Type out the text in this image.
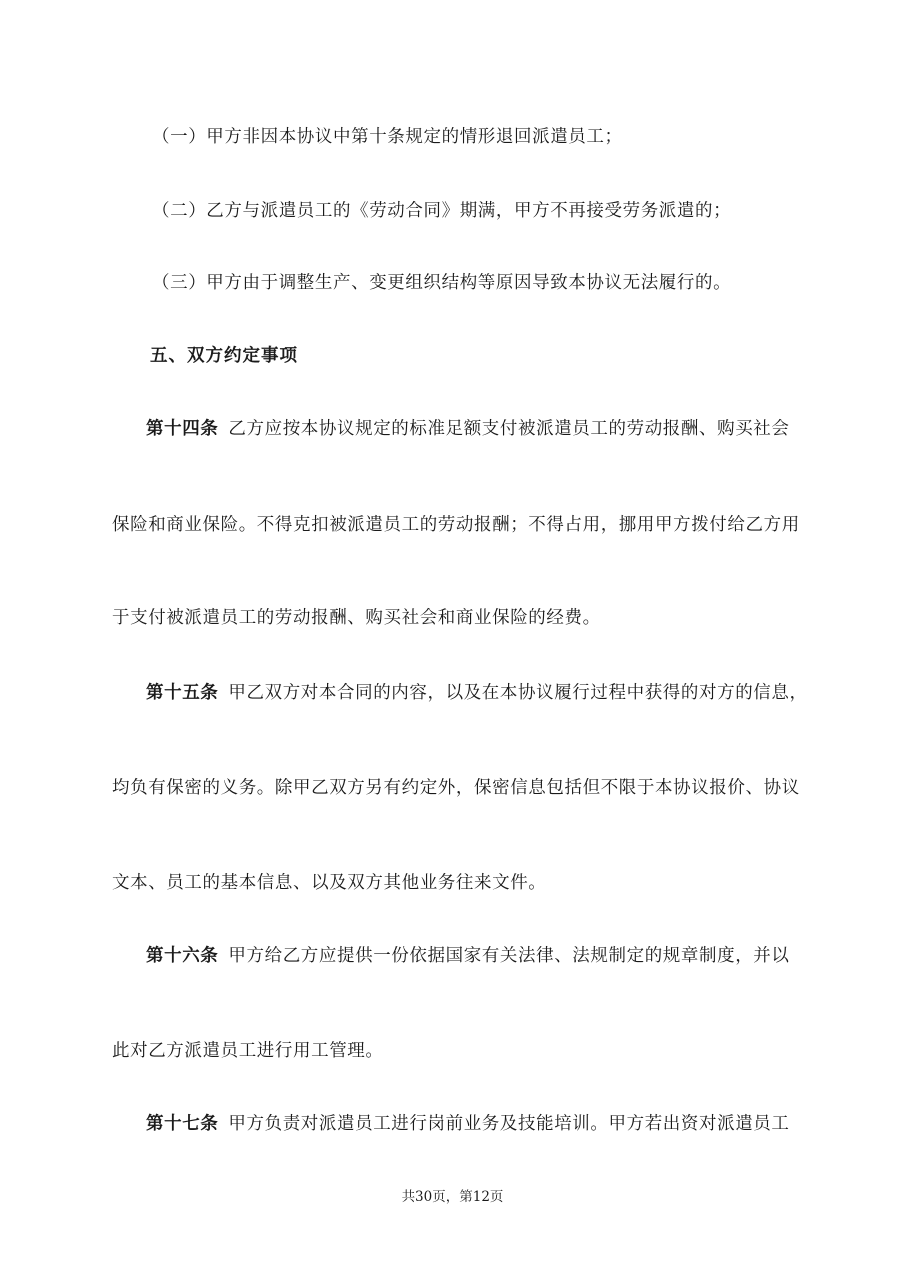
（一）甲方非因本协议中第十条规定的情形退回派遣员工；
（二）乙方与派遣员工的《劳动合同》期满，甲方不再接受劳务派遣的；
（三）甲方由于调整生产、变更组织结构等原因导致本协议无法履行的。
五、双方约定事项
第十四条 乙方应按本协议规定的标准足额支付被派遣员工的劳动报酬、购买社会
保险和商业保险。不得克扣被派遣员工的劳动报酬；不得占用，挪用甲方拨付给乙方用
于支付被派遣员工的劳动报酬、购买社会和商业保险的经费。
第十五条 甲乙双方对本合同的内容，以及在本协议履行过程中获得的对方的信息，
均负有保密的义务。除甲乙双方另有约定外，保密信息包括但不限于本协议报价、协议
文本、员工的基本信息、以及双方其他业务往来文件。
第十六条 甲方给乙方应提供一份依据国家有关法律、法规制定的规章制度，并以
此对乙方派遣员工进行用工管理。
第十七条 甲方负责对派遣员工进行岗前业务及技能培训。甲方若出资对派遣员工
共30页，第12页
